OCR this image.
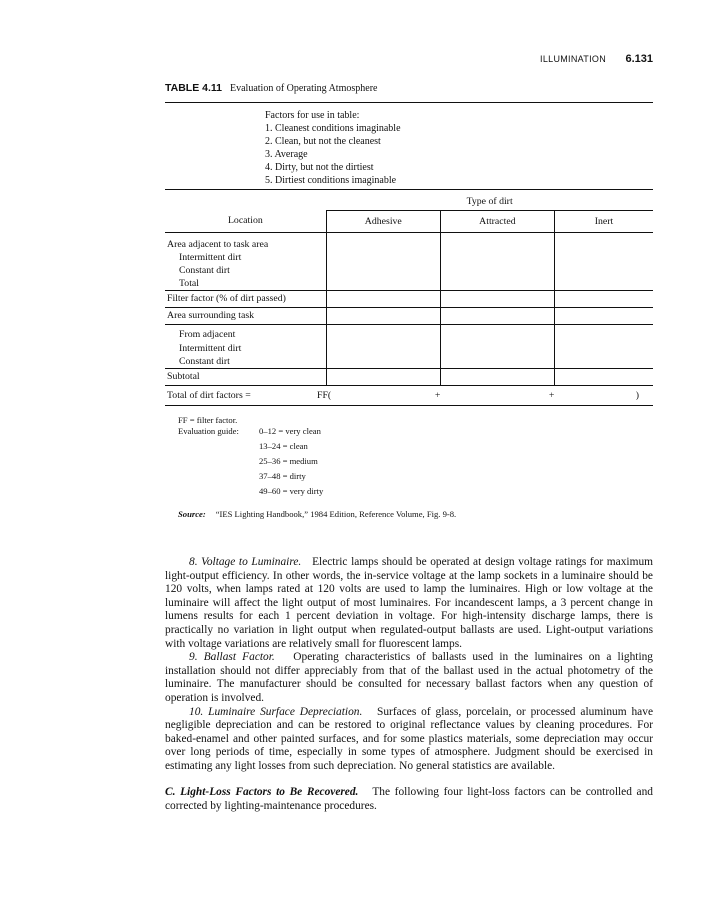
ILLUMINATION 6.131
TABLE 4.11 Evaluation of Operating Atmosphere
Factors for use in table:
1. Cleanest conditions imaginable
2. Clean, but not the cleanest
3. Average
4. Dirty, but not the dirtiest
5. Dirtiest conditions imaginable
	Type of dirt		
Location	Adhesive	Attracted	Inert

Area adjacent to task area
Intermittent dirt
Constant dirt
Total			

Filter factor (% of dirt passed)			
Area surrounding task			

From adjacent
Intermittent dirt
Constant dirt			

Subtotal			
Total of dirt factors = FF(	+	+	)
FF = filter factor.
Evaluation guide: 0–12 = very clean
13–24 = clean
25–36 = medium
37–48 = dirty
49–60 = very dirty
Source: “IES Lighting Handbook,” 1984 Edition, Reference Volume, Fig. 9-8.

8. Voltage to Luminaire. Electric lamps should be operated at design voltage ratings for maximum light-output efficiency. In other words, the in-service voltage at the lamp sockets in a luminaire should be 120 volts, when lamps rated at 120 volts are used to lamp the luminaires. High or low voltage at the luminaire will affect the light output of most luminaires. For incandescent lamps, a 3 percent change in lumens results for each 1 percent deviation in voltage. For high-intensity discharge lamps, there is practically no variation in light output when regulated-output ballasts are used. Light-output variations with voltage variations are relatively small for fluorescent lamps.

9. Ballast Factor. Operating characteristics of ballasts used in the luminaires on a lighting installation should not differ appreciably from that of the ballast used in the actual photometry of the luminaire. The manufacturer should be consulted for necessary ballast factors when any question of operation is involved.

10. Luminaire Surface Depreciation. Surfaces of glass, porcelain, or processed aluminum have negligible depreciation and can be restored to original reflectance values by cleaning procedures. For baked-enamel and other painted surfaces, and for some plastics materials, some depreciation may occur over long periods of time, especially in some types of atmosphere. Judgment should be exercised in estimating any light losses from such depreciation. No general statistics are available.

C. Light-Loss Factors to Be Recovered. The following four light-loss factors can be controlled and corrected by lighting-maintenance procedures.
